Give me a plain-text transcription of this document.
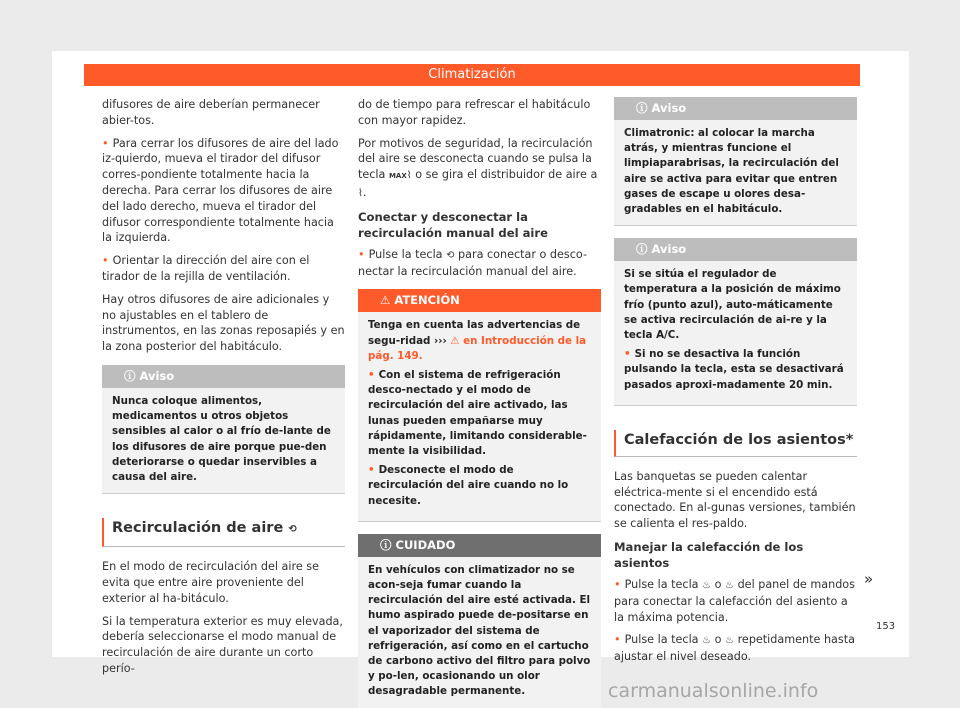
Climatización

difusores de aire deberían permanecer abier-tos.

• Para cerrar los difusores de aire del lado iz-quierdo, mueva el tirador del difusor corres-pondiente totalmente hacia la derecha. Para cerrar los difusores de aire del lado derecho, mueva el tirador del difusor correspondiente totalmente hacia la izquierda.

• Orientar la dirección del aire con el tirador de la rejilla de ventilación.

Hay otros difusores de aire adicionales y no ajustables en el tablero de instrumentos, en las zonas reposapiés y en la zona posterior del habitáculo.

ⓘ Aviso
Nunca coloque alimentos, medicamentos u otros objetos sensibles al calor o al frío de-lante de los difusores de aire porque pue-den deteriorarse o quedar inservibles a causa del aire.
Recirculación de aire ⟲

En el modo de recirculación del aire se evita que entre aire proveniente del exterior al ha-bitáculo.

Si la temperatura exterior es muy elevada, debería seleccionarse el modo manual de recirculación de aire durante un corto perío-

do de tiempo para refrescar el habitáculo con mayor rapidez.

Por motivos de seguridad, la recirculación del aire se desconecta cuando se pulsa la tecla MAX⌇ o se gira el distribuidor de aire a ⌇.

Conectar y desconectar la recirculación manual del aire

• Pulse la tecla ⟲ para conectar o desco-nectar la recirculación manual del aire.

⚠ ATENCIÓN

Tenga en cuenta las advertencias de segu-ridad ››› ⚠ en Introducción de la pág. 149.

• Con el sistema de refrigeración desco-nectado y el modo de recirculación del aire activado, las lunas pueden empañarse muy rápidamente, limitando considerable-mente la visibilidad.

• Desconecte el modo de recirculación del aire cuando no lo necesite.

ⓘ CUIDADO
En vehículos con climatizador no se acon-seja fumar cuando la recirculación del aire esté activada. El humo aspirado puede de-positarse en el vaporizador del sistema de refrigeración, así como en el cartucho de carbono activo del filtro para polvo y po-len, ocasionando un olor desagradable permanente.
ⓘ Aviso
Climatronic: al colocar la marcha atrás, y mientras funcione el limpiaparabrisas, la recirculación del aire se activa para evitar que entren gases de escape u olores desa-gradables en el habitáculo.
ⓘ Aviso

Si se sitúa el regulador de temperatura a la posición de máximo frío (punto azul), auto-máticamente se activa recirculación de ai-re y la tecla A/C.

• Si no se desactiva la función pulsando la tecla, esta se desactivará pasados aproxi-madamente 20 min.

Calefacción de los asientos*

Las banquetas se pueden calentar eléctrica-mente si el encendido está conectado. En al-gunas versiones, también se calienta el res-paldo.

Manejar la calefacción de los asientos

• Pulse la tecla ♨ o ♨ del panel de mandos para conectar la calefacción del asiento a la máxima potencia.

• Pulse la tecla ♨ o ♨ repetidamente hasta ajustar el nivel deseado.

»
153
carmanualsonline.info
